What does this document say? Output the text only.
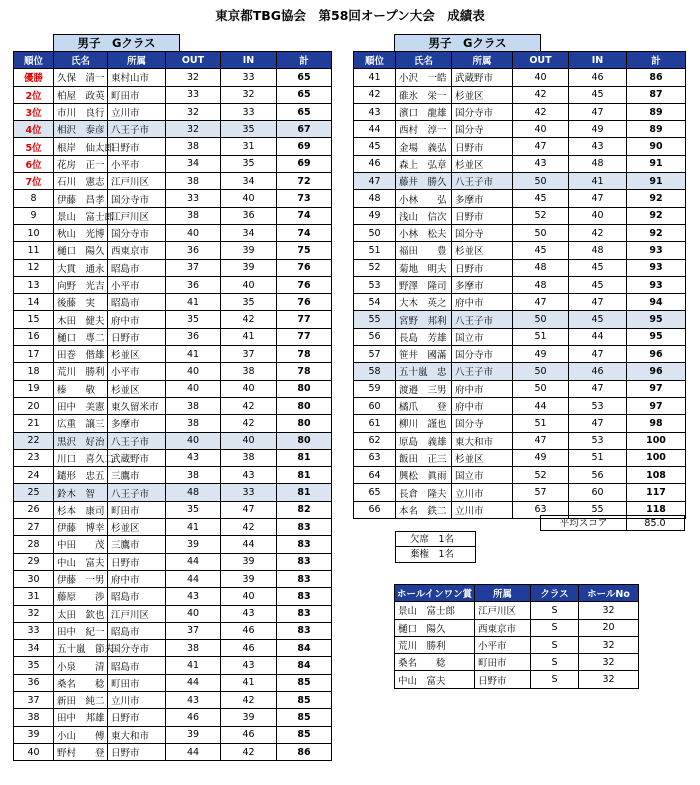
東京都TBG協会　第58回オープン大会　成績表
男子　Gクラス	男子　Gクラス
順位	氏名	所属	OUT	IN	計
優勝	久保　清一	東村山市	32	33	65
2位	柏屋　政英	町田市	33	32	65
3位	市川　良行	立川市	32	33	65
4位	相沢　泰彦	八王子市	32	35	67
5位	根岸　仙太郎	日野市	38	31	69
6位	花房　正一	小平市	34	35	69
7位	石川　憲志	江戸川区	38	34	72
8	伊藤　昌孝	国分寺市	33	40	73
9	景山　富士郎	江戸川区	38	36	74
10	秋山　光博	国分寺市	40	34	74
11	樋口　陽久	西東京市	36	39	75
12	大貫　通永	昭島市	37	39	76
13	向野　光吉	小平市	36	40	76
14	後藤　実	昭島市	41	35	76
15	木田　健夫	府中市	35	42	77
16	樋口　專二	日野市	36	41	77
17	田巻　偕雄	杉並区	41	37	78
18	荒川　勝利	小平市	40	38	78
19	榛　　敬	杉並区	40	40	80
20	田中　美憲	東久留米市	38	42	80
21	広重　譲三	多摩市	38	42	80
22	黒沢　好治	八王子市	40	40	80
23	川口　喜久二	武蔵野市	43	38	81
24	鑓形　忠五	三鷹市	38	43	81
25	鈴木　智	八王子市	48	33	81
26	杉本　康司	町田市	35	47	82
27	伊藤　博幸	杉並区	41	42	83
28	中田　　茂	三鷹市	39	44	83
29	中山　富夫	日野市	44	39	83
30	伊藤　一男	府中市	44	39	83
31	藤原　　渉	昭島市	43	40	83
32	太田　欽也	江戸川区	40	43	83
33	田中　紀一	昭島市	37	46	83
34	五十嵐　節夫	国分寺市	38	46	84
35	小泉　　清	昭島市	41	43	84
36	桑名　　稔	町田市	44	41	85
37	新田　純二	立川市	43	42	85
38	田中　邦雄	日野市	46	39	85
39	小山　　傅	東大和市	39	46	85
40	野村　　登	日野市	44	42	86
順位	氏名	所属	OUT	IN	計
41	小沢　一皓	武蔵野市	40	46	86
42	碓氷　栄一	杉並区	42	45	87
43	濱口　龍雄	国分寺市	42	47	89
44	西村　淳一	国分寺	40	49	89
45	金場　義弘	日野市	47	43	90
46	森上　弘章	杉並区	43	48	91
47	藤井　勝久	八王子市	50	41	91
48	小林　　弘	多摩市	45	47	92
49	浅山　信次	日野市	52	40	92
50	小林　松夫	国分寺	50	42	92
51	福田　　豊	杉並区	45	48	93
52	菊地　明夫	日野市	48	45	93
53	野澤　隆司	多摩市	48	45	93
54	大木　英之	府中市	47	47	94
55	宮野　邦利	八王子市	50	45	95
56	長島　芳雄	国立市	51	44	95
57	笹井　國滿	国分寺市	49	47	96
58	五十嵐　忠	八王子市	50	46	96
59	渡邉　三男	府中市	50	47	97
60	橘爪　　登	府中市	44	53	97
61	柳川　謹也	国分寺	51	47	98
62	原島　義雄	東大和市	47	53	100
63	飯田　正三	杉並区	49	51	100
64	興松　眞雨	国立市	52	56	108
65	長倉　隆夫	立川市	57	60	117
66	本名　鉄二	立川市	63	55	118
平均スコア	85.0
欠席　1名
棄権　1名
ホールインワン賞	所属	クラス	ホールNo
景山　富士郎	江戸川区	S	32
樋口　陽久	西東京市	S	20
荒川　勝利	小平市	S	32
桑名　　稔	町田市	S	32
中山　富夫	日野市	S	32
